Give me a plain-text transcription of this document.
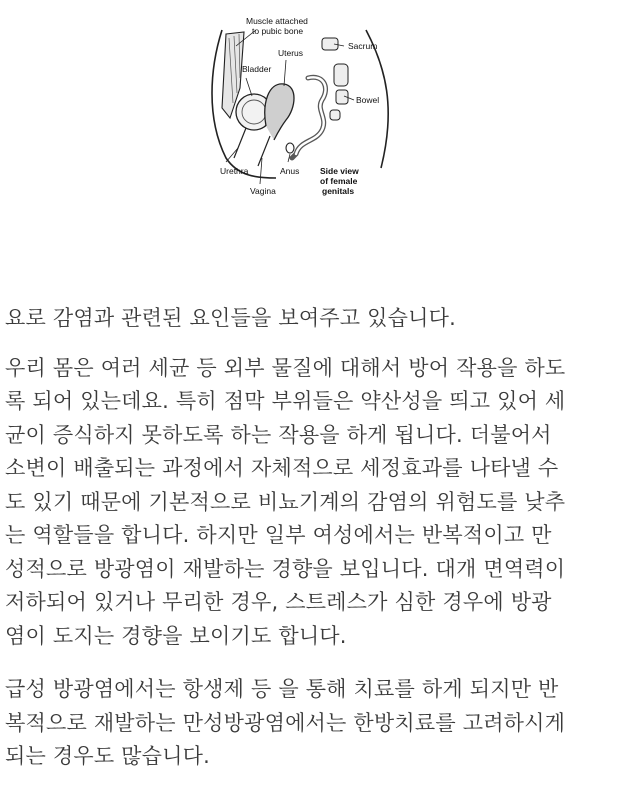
Muscle attached
to pubic bone
Uterus
Sacrum
Bladder
Bowel
Urethra	Anus
Vagina
Side view
of female
genitals

요로 감염과 관련된 요인들을 보여주고 있습니다.

우리 몸은 여러 세균 등 외부 물질에 대해서 방어 작용을 하도
록 되어 있는데요. 특히 점막 부위들은 약산성을 띄고 있어 세
균이 증식하지 못하도록 하는 작용을 하게 됩니다. 더불어서
소변이 배출되는 과정에서 자체적으로 세정효과를 나타낼 수
도 있기 때문에 기본적으로 비뇨기계의 감염의 위험도를 낮추
는 역할들을 합니다. 하지만 일부 여성에서는 반복적이고 만
성적으로 방광염이 재발하는 경향을 보입니다. 대개 면역력이
저하되어 있거나 무리한 경우, 스트레스가 심한 경우에 방광
염이 도지는 경향을 보이기도 합니다.

급성 방광염에서는 항생제 등 을 통해 치료를 하게 되지만 반
복적으로 재발하는 만성방광염에서는 한방치료를 고려하시게
되는 경우도 많습니다.
